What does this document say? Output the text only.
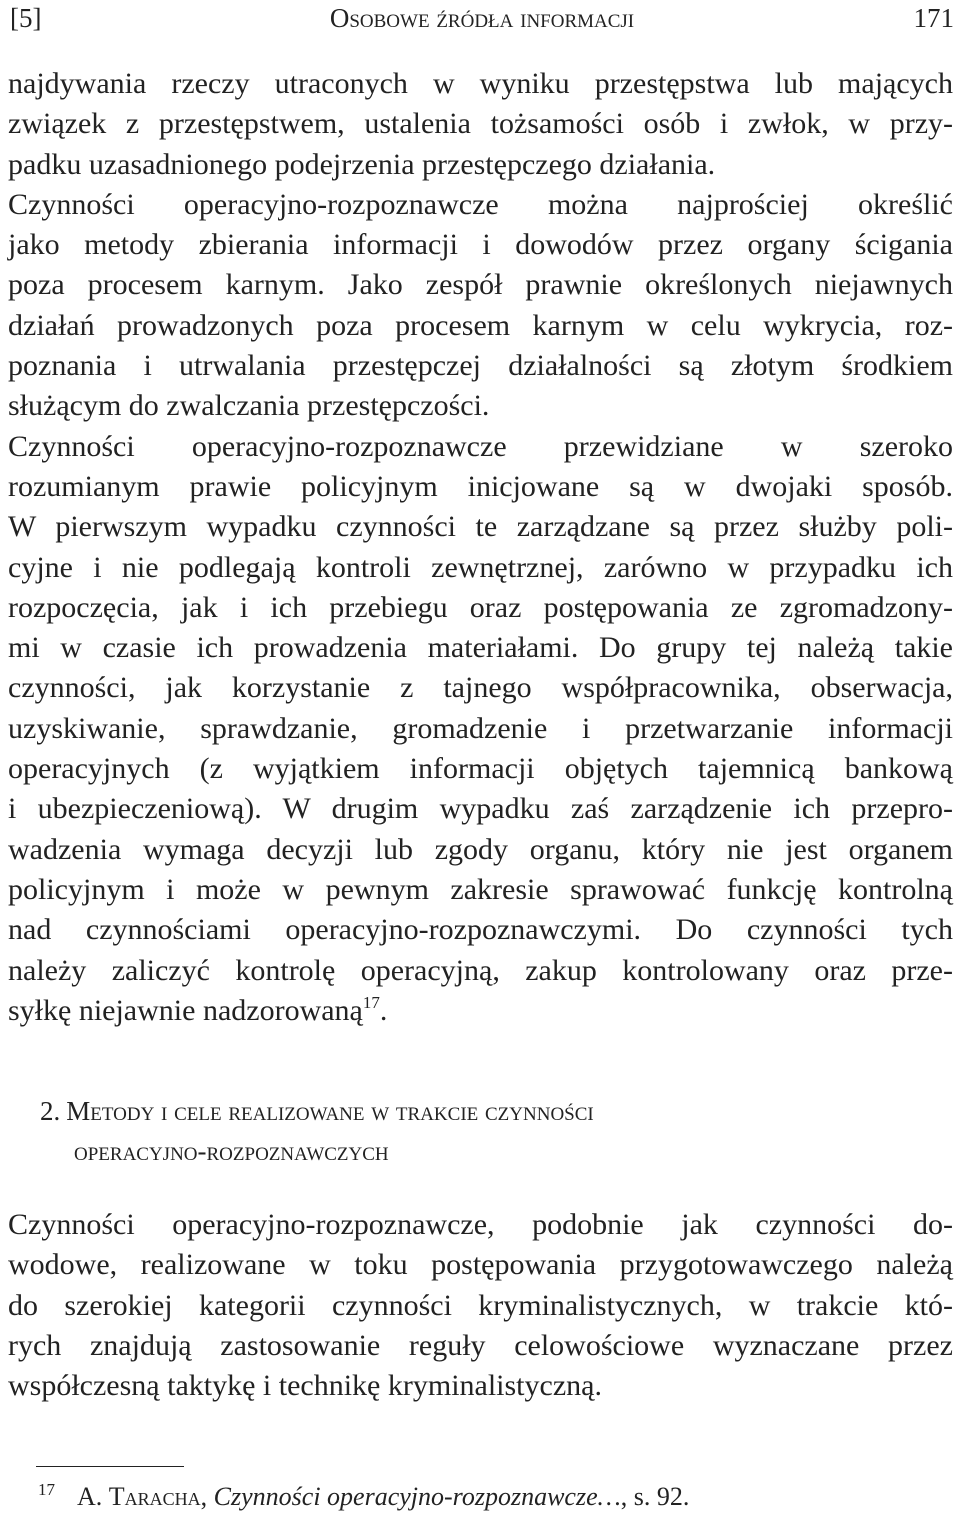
[5]	Osobowe źródła informacji	171
najdywania rzeczy utraconych w wyniku przestępstwa lub mających
związek z przestępstwem, ustalenia tożsamości osób i zwłok, w przy-
padku uzasadnionego podejrzenia przestępczego działania.
Czynności operacyjno-rozpoznawcze można najprościej określić
jako metody zbierania informacji i dowodów przez organy ścigania
poza procesem karnym. Jako zespół prawnie określonych niejawnych
działań prowadzonych poza procesem karnym w celu wykrycia, roz-
poznania i utrwalania przestępczej działalności są złotym środkiem
służącym do zwalczania przestępczości.
Czynności operacyjno-rozpoznawcze przewidziane w szeroko
rozumianym prawie policyjnym inicjowane są w dwojaki sposób.
W pierwszym wypadku czynności te zarządzane są przez służby poli-
cyjne i nie podlegają kontroli zewnętrznej, zarówno w przypadku ich
rozpoczęcia, jak i ich przebiegu oraz postępowania ze zgromadzony-
mi w czasie ich prowadzenia materiałami. Do grupy tej należą takie
czynności, jak korzystanie z tajnego współpracownika, obserwacja,
uzyskiwanie, sprawdzanie, gromadzenie i przetwarzanie informacji
operacyjnych (z wyjątkiem informacji objętych tajemnicą bankową
i ubezpieczeniową). W drugim wypadku zaś zarządzenie ich przepro-
wadzenia wymaga decyzji lub zgody organu, który nie jest organem
policyjnym i może w pewnym zakresie sprawować funkcję kontrolną
nad czynnościami operacyjno-rozpoznawczymi. Do czynności tych
należy zaliczyć kontrolę operacyjną, zakup kontrolowany oraz prze-
syłkę niejawnie nadzorowaną$^{17}$.
2. Metody i cele realizowane w trakcie czynności
operacyjno-rozpoznawczych
Czynności operacyjno-rozpoznawcze, podobnie jak czynności do-
wodowe, realizowane w toku postępowania przygotowawczego należą
do szerokiej kategorii czynności kryminalistycznych, w trakcie któ-
rych znajdują zastosowanie reguły celowościowe wyznaczane przez
współczesną taktykę i technikę kryminalistyczną.
$^{17}$ A. Taracha, Czynności operacyjno-rozpoznawcze…, s. 92.
